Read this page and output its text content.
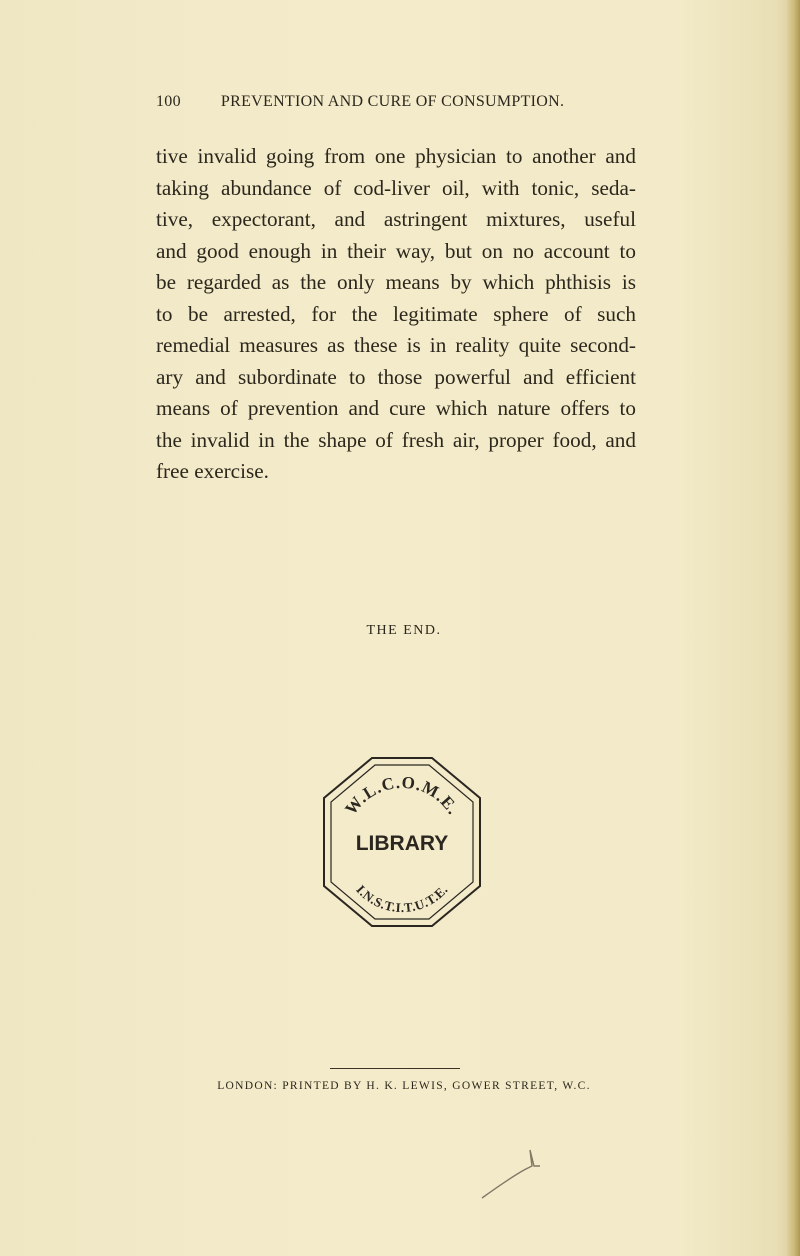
100	PREVENTION AND CURE OF CONSUMPTION.
tive invalid going from one physician to another and
taking abundance of cod-liver oil, with tonic, seda-
tive, expectorant, and astringent mixtures, useful
and good enough in their way, but on no account to
be regarded as the only means by which phthisis is
to be arrested, for the legitimate sphere of such
remedial measures as these is in reality quite second-
ary and subordinate to those powerful and efficient
means of prevention and cure which nature offers to
the invalid in the shape of fresh air, proper food, and
free exercise.
THE END.
W.L.C.O.M.E.
LIBRARY
I.N.S.T.I.T.U.T.E.
LONDON: PRINTED BY H. K. LEWIS, GOWER STREET, W.C.
